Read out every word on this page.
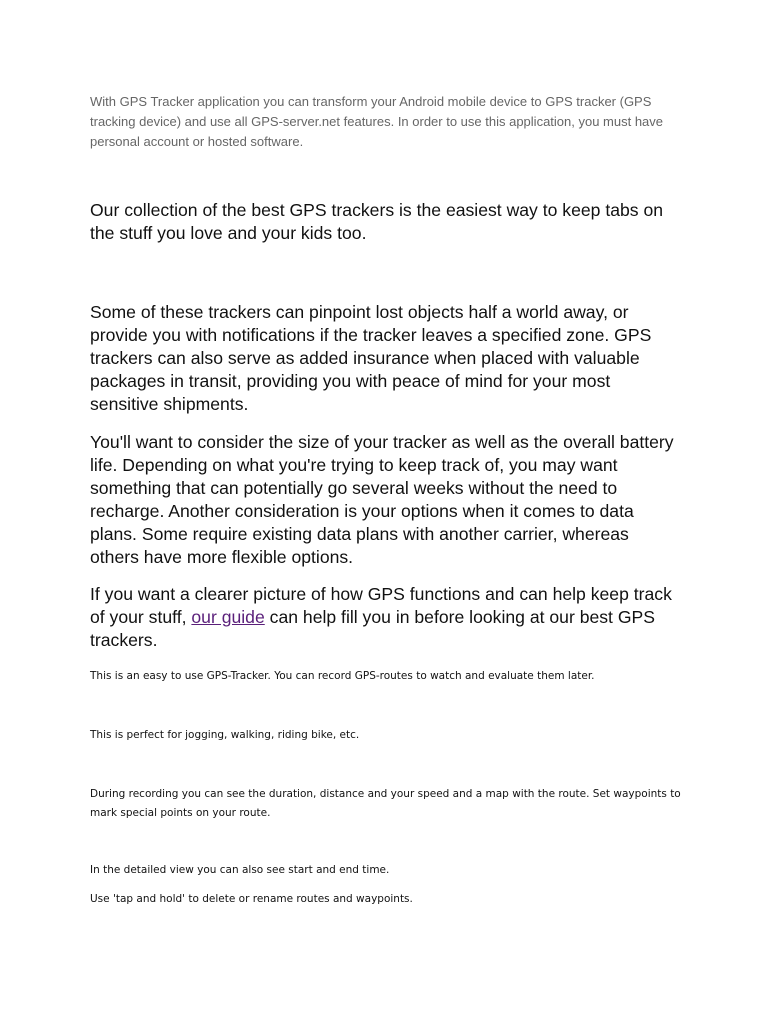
With GPS Tracker application you can transform your Android mobile device to GPS tracker (GPS tracking device) and use all GPS-server.net features. In order to use this application, you must have personal account or hosted software.

Our collection of the best GPS trackers is the easiest way to keep tabs on the stuff you love and your kids too.

Some of these trackers can pinpoint lost objects half a world away, or provide you with notifications if the tracker leaves a specified zone. GPS trackers can also serve as added insurance when placed with valuable packages in transit, providing you with peace of mind for your most sensitive shipments.

You'll want to consider the size of your tracker as well as the overall battery life. Depending on what you're trying to keep track of, you may want something that can potentially go several weeks without the need to recharge. Another consideration is your options when it comes to data plans. Some require existing data plans with another carrier, whereas others have more flexible options.

If you want a clearer picture of how GPS functions and can help keep track of your stuff, our guide can help fill you in before looking at our best GPS trackers.

This is an easy to use GPS-Tracker. You can record GPS-routes to watch and evaluate them later.

This is perfect for jogging, walking, riding bike, etc.

During recording you can see the duration, distance and your speed and a map with the route. Set waypoints to mark special points on your route.

In the detailed view you can also see start and end time.

Use 'tap and hold' to delete or rename routes and waypoints.
